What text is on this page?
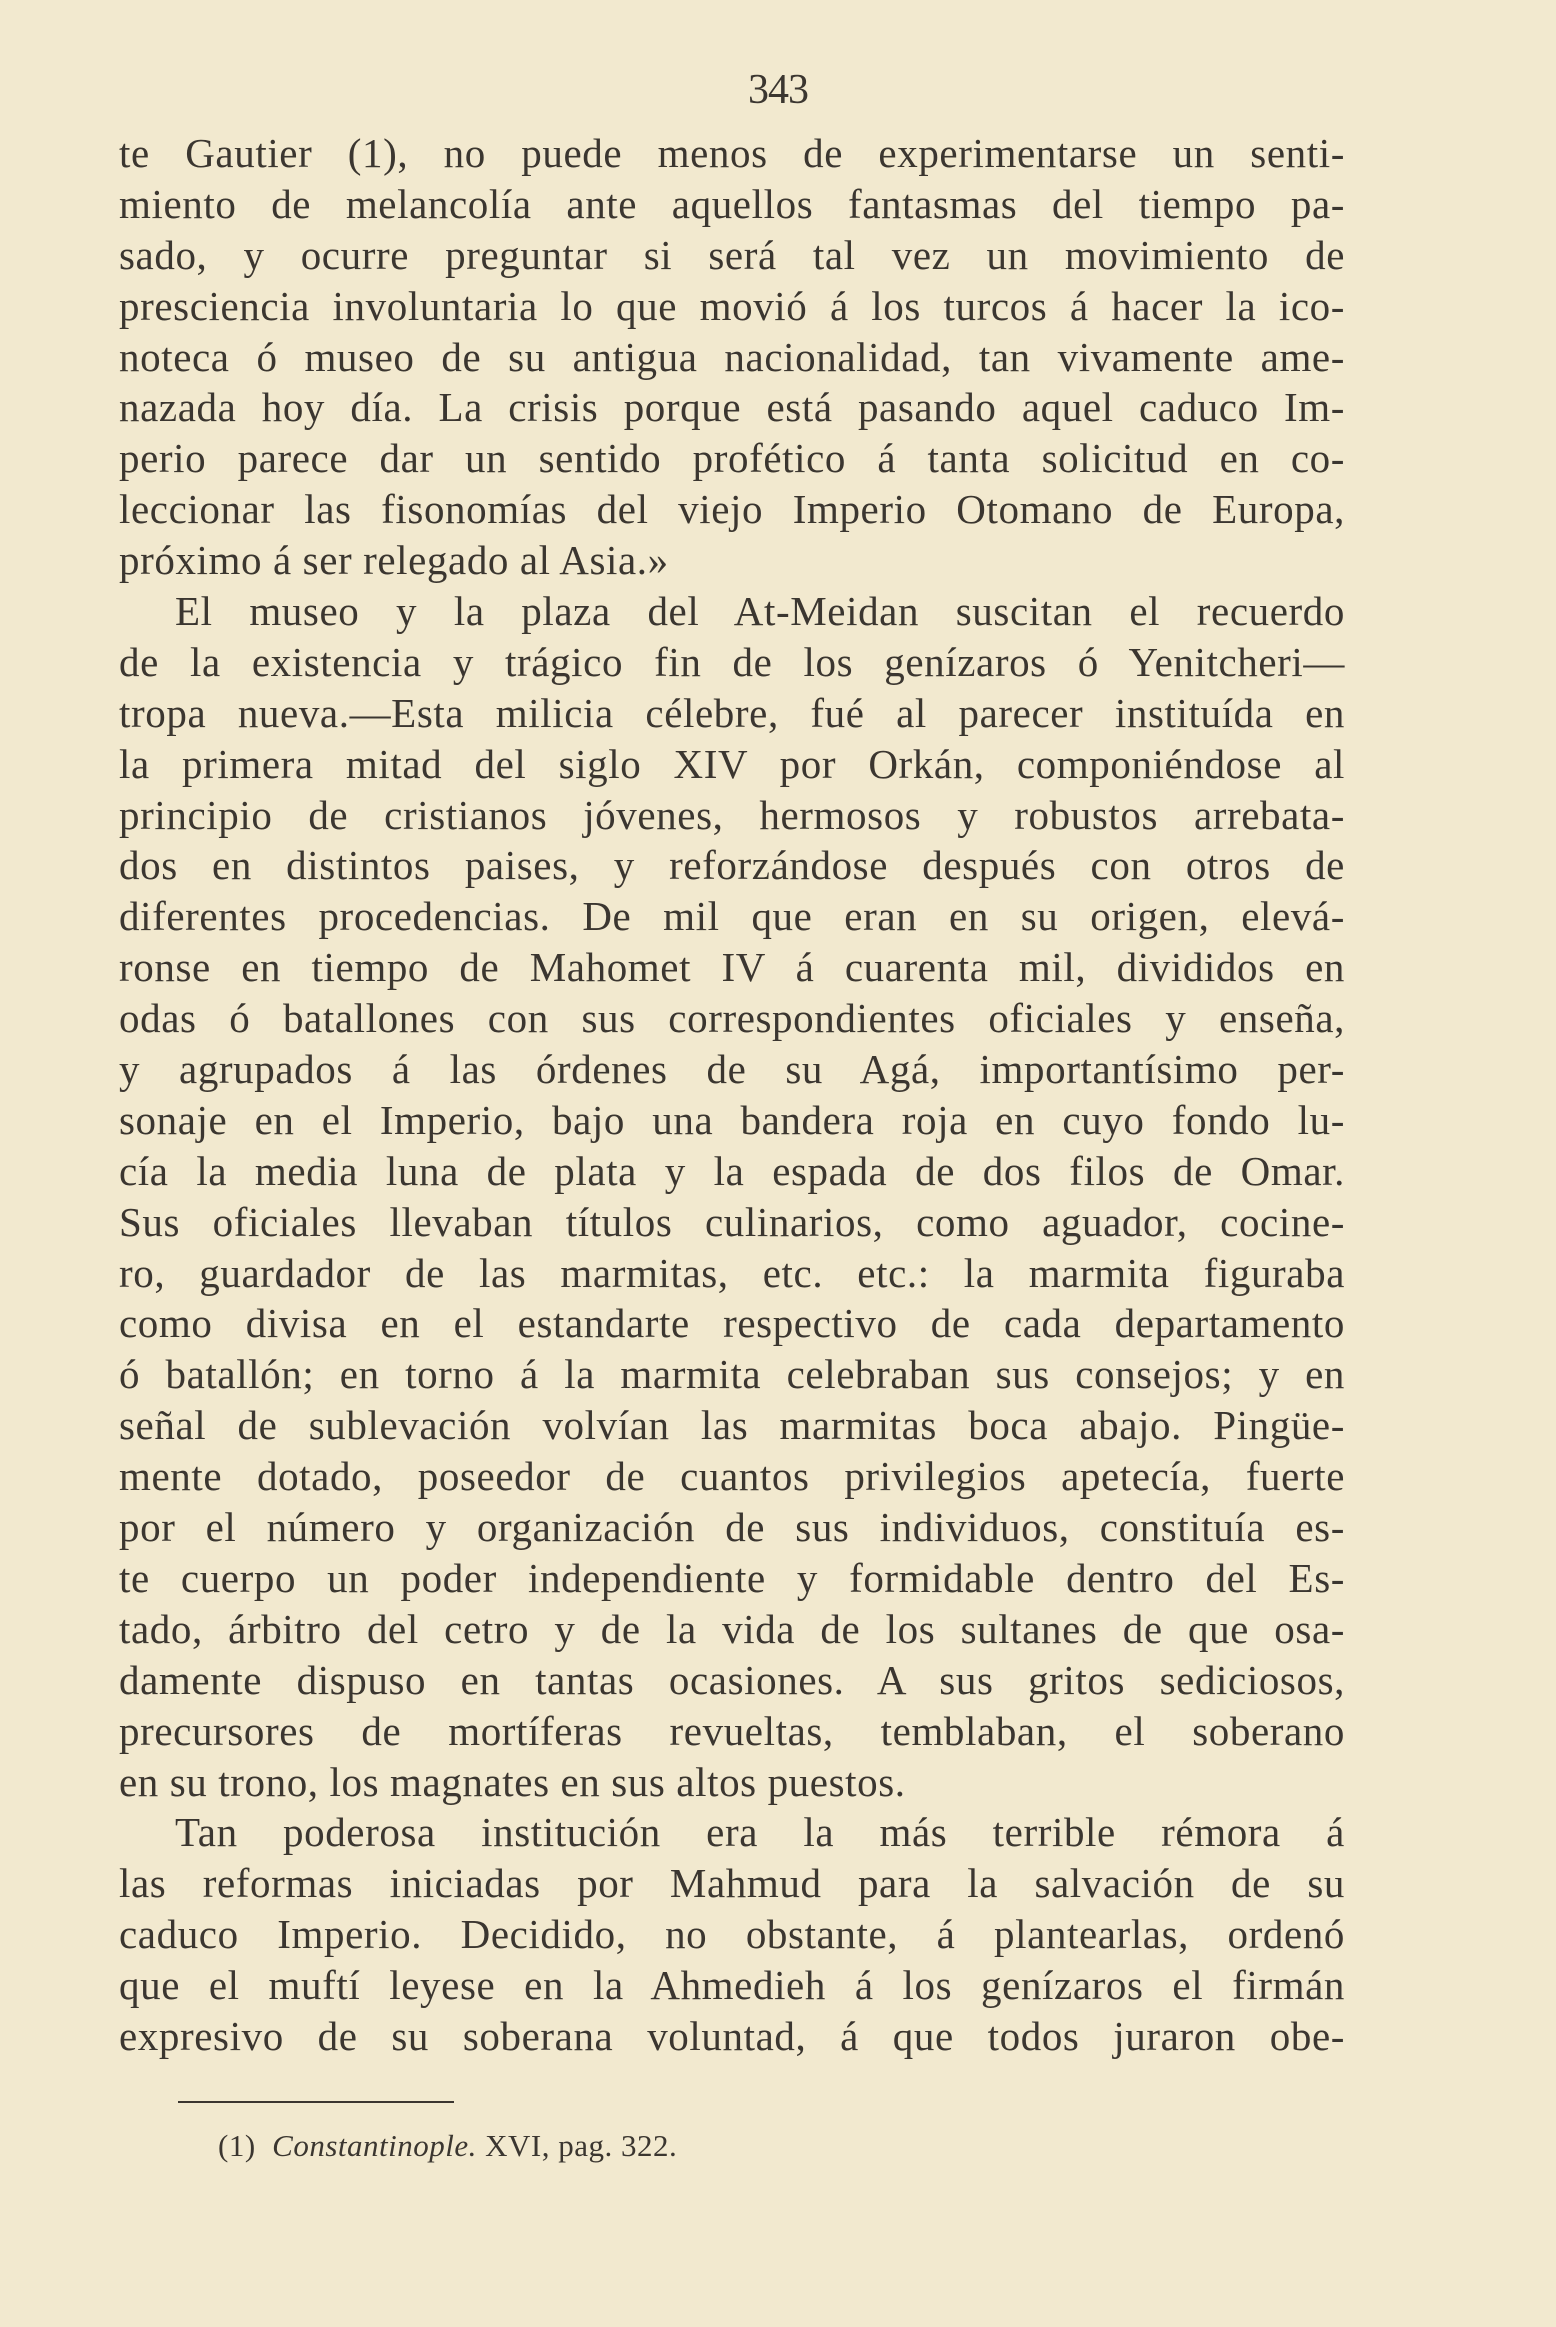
343
te Gautier (1), no puede menos de experimentarse un senti-
miento de melancolía ante aquellos fantasmas del tiempo pa-
sado, y ocurre preguntar si será tal vez un movimiento de
presciencia involuntaria lo que movió á los turcos á hacer la ico-
noteca ó museo de su antigua nacionalidad, tan vivamente ame-
nazada hoy día. La crisis porque está pasando aquel caduco Im-
perio parece dar un sentido profético á tanta solicitud en co-
leccionar las fisonomías del viejo Imperio Otomano de Europa,
próximo á ser relegado al Asia.»
El museo y la plaza del At-Meidan suscitan el recuerdo
de la existencia y trágico fin de los genízaros ó Yenitcheri—
tropa nueva.—Esta milicia célebre, fué al parecer instituída en
la primera mitad del siglo XIV por Orkán, componiéndose al
principio de cristianos jóvenes, hermosos y robustos arrebata-
dos en distintos paises, y reforzándose después con otros de
diferentes procedencias. De mil que eran en su origen, elevá-
ronse en tiempo de Mahomet IV á cuarenta mil, divididos en
odas ó batallones con sus correspondientes oficiales y enseña,
y agrupados á las órdenes de su Agá, importantísimo per-
sonaje en el Imperio, bajo una bandera roja en cuyo fondo lu-
cía la media luna de plata y la espada de dos filos de Omar.
Sus oficiales llevaban títulos culinarios, como aguador, cocine-
ro, guardador de las marmitas, etc. etc.: la marmita figuraba
como divisa en el estandarte respectivo de cada departamento
ó batallón; en torno á la marmita celebraban sus consejos; y en
señal de sublevación volvían las marmitas boca abajo. Pingüe-
mente dotado, poseedor de cuantos privilegios apetecía, fuerte
por el número y organización de sus individuos, constituía es-
te cuerpo un poder independiente y formidable dentro del Es-
tado, árbitro del cetro y de la vida de los sultanes de que osa-
damente dispuso en tantas ocasiones. A sus gritos sediciosos,
precursores de mortíferas revueltas, temblaban, el soberano
en su trono, los magnates en sus altos puestos.
Tan poderosa institución era la más terrible rémora á
las reformas iniciadas por Mahmud para la salvación de su
caduco Imperio. Decidido, no obstante, á plantearlas, ordenó
que el muftí leyese en la Ahmedieh á los genízaros el firmán
expresivo de su soberana voluntad, á que todos juraron obe-
(1) Constantinople. XVI, pag. 322.
